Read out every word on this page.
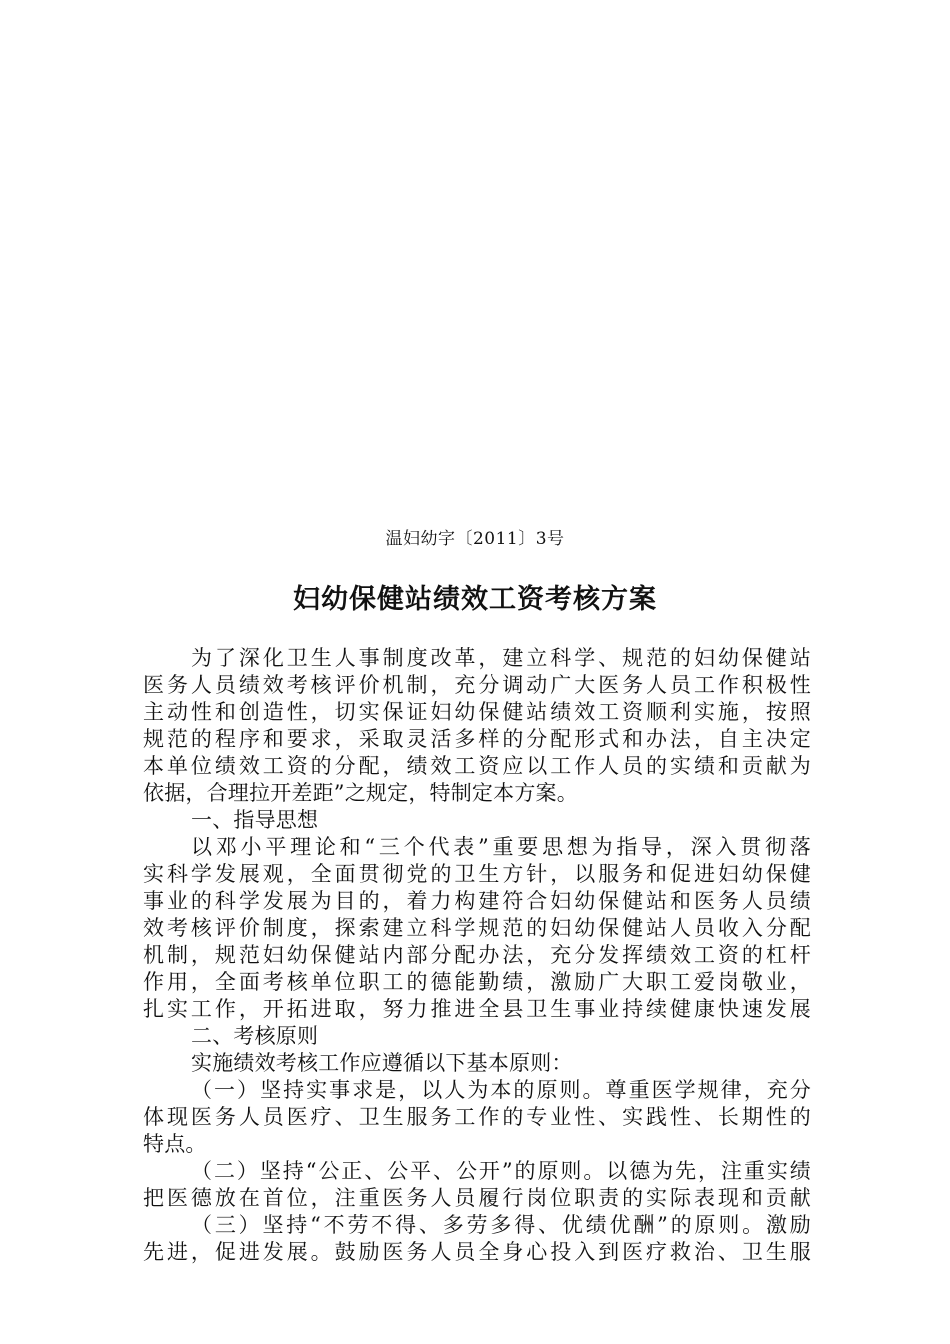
温妇幼字〔2011〕3号
妇幼保健站绩效工资考核方案
为了深化卫生人事制度改革，建立科学、规范的妇幼保健站
医务人员绩效考核评价机制，充分调动广大医务人员工作积极性
主动性和创造性，切实保证妇幼保健站绩效工资顺利实施，按照
规范的程序和要求，采取灵活多样的分配形式和办法，自主决定
本单位绩效工资的分配，绩效工资应以工作人员的实绩和贡献为
依据，合理拉开差距”之规定，特制定本方案。
一、指导思想
以邓小平理论和“三个代表”重要思想为指导，深入贯彻落
实科学发展观，全面贯彻党的卫生方针，以服务和促进妇幼保健
事业的科学发展为目的，着力构建符合妇幼保健站和医务人员绩
效考核评价制度，探索建立科学规范的妇幼保健站人员收入分配
机制，规范妇幼保健站内部分配办法，充分发挥绩效工资的杠杆
作用，全面考核单位职工的德能勤绩，激励广大职工爱岗敬业，
扎实工作，开拓进取，努力推进全县卫生事业持续健康快速发展
二、考核原则
实施绩效考核工作应遵循以下基本原则：
（一）坚持实事求是，以人为本的原则。尊重医学规律，充分
体现医务人员医疗、卫生服务工作的专业性、实践性、长期性的
特点。
（二）坚持“公正、公平、公开”的原则。以德为先，注重实绩
把医德放在首位，注重医务人员履行岗位职责的实际表现和贡献
（三）坚持“不劳不得、多劳多得、优绩优酬”的原则。激励
先进，促进发展。鼓励医务人员全身心投入到医疗救治、卫生服
